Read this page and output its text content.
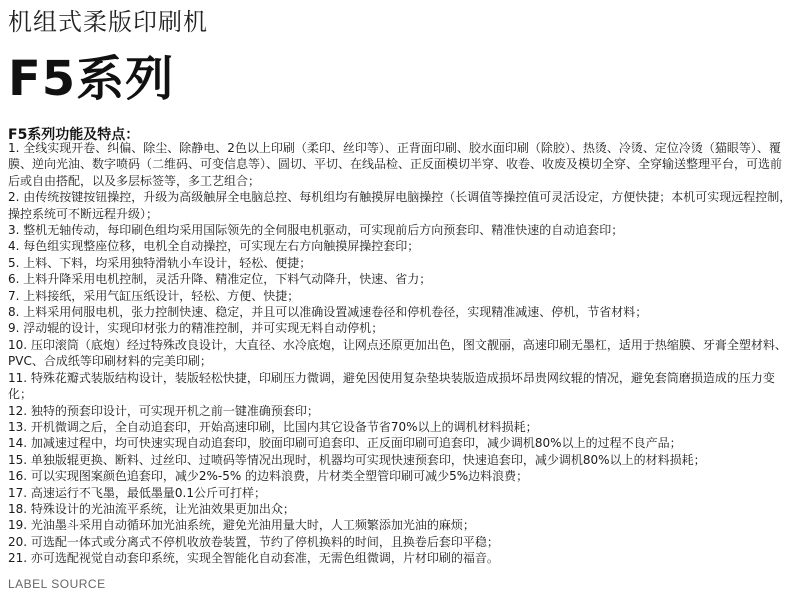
机组式柔版印刷机
F5系列
F5系列功能及特点：
1. 全线实现开卷、纠偏、除尘、除静电、2色以上印刷（柔印、丝印等）、正背面印刷、胶水面印刷（除胶）、热烫、冷烫、定位冷烫（猫眼等）、覆膜、逆向光油、数字喷码（二维码、可变信息等）、圆切、平切、在线品检、正反面模切半穿、收卷、收废及模切全穿、全穿输送整理平台，可选前后或自由搭配，以及多层标签等，多工艺组合；
2. 由传统按键按钮操控，升级为高级触屏全电脑总控、每机组均有触摸屏电脑操控（长调值等操控值可灵活设定，方便快捷；本机可实现远程控制，操控系统可不断远程升级）；
3. 整机无轴传动，每印刷色组均采用国际领先的全伺服电机驱动，可实现前后方向预套印、精准快速的自动追套印；
4. 每色组实现整座位移，电机全自动操控，可实现左右方向触摸屏操控套印；
5. 上料、下料，均采用独特滑轨小车设计，轻松、便捷；
6. 上料升降采用电机控制，灵活升降、精准定位，下料气动降升，快速、省力；
7. 上料接纸，采用气缸压纸设计，轻松、方便、快捷；
8. 上料采用伺服电机，张力控制快速、稳定，并且可以准确设置减速卷径和停机卷径，实现精准减速、停机，节省材料；
9. 浮动辊的设计，实现印材张力的精准控制，并可实现无料自动停机；
10. 压印滚筒（底炮）经过特殊改良设计，大直径、水冷底炮，让网点还原更加出色，图文靓丽，高速印刷无墨杠，适用于热缩膜、牙膏全塑材料、PVC、合成纸等印刷材料的完美印刷；
11. 特殊花瓣式装版结构设计，装版轻松快捷，印刷压力微调，避免因使用复杂垫块装版造成损坏昂贵网纹辊的情况，避免套筒磨损造成的压力变化；
12. 独特的预套印设计，可实现开机之前一键准确预套印；
13. 开机微调之后，全自动追套印，开始高速印刷，比国内其它设备节省70%以上的调机材料损耗；
14. 加减速过程中，均可快速实现自动追套印，胶面印刷可追套印、正反面印刷可追套印，减少调机80%以上的过程不良产品；
15. 单独版辊更换、断料、过丝印、过喷码等情况出现时，机器均可实现快速预套印，快速追套印，减少调机80%以上的材料损耗；
16. 可以实现图案颜色追套印，减少2%-5% 的边料浪费，片材类全塑管印刷可减少5%边料浪费；
17. 高速运行不飞墨，最低墨量0.1公斤可打样；
18. 特殊设计的光油流平系统，让光油效果更加出众；
19. 光油墨斗采用自动循环加光油系统，避免光油用量大时，人工频繁添加光油的麻烦；
20. 可选配一体式或分离式不停机收放卷装置，节约了停机换料的时间，且换卷后套印平稳；
21. 亦可选配视觉自动套印系统，实现全智能化自动套准，无需色组微调，片材印刷的福音。
LABEL SOURCE
